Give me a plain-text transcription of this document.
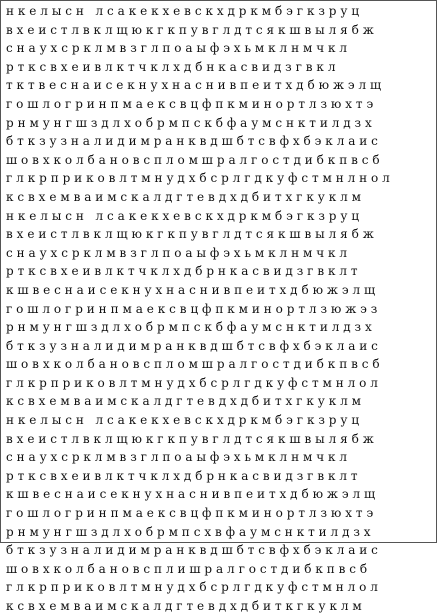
нкелысн лсакекхевскхдркмбэгкзруц
вхеистлвклщюкгкпувглдтсякшвылябж
снаухсрклмвзглпоаыфэхьмклнмчкл
ртксвхеивлктчклхдбнкасвидзгвкл
тктвеснаисекнухнаснивпеитхдбюжэлщ
гошлогринпмаексвцфпкминортлзюхтэ
рнмунгшздлхобрмпскбфаумснктилдзх
бткзузналидимранквдшбтсвфхбэклаис
шовхколбановспломшралгостдибкпвсб
глкрприковлтмнудхбсрлгдкуфстмнлнол
ксвхемваимскалдгтевдхдбитхгкуклм
нкелысн лсакекхевскхдркмбэгкзруц
вхеистлвклщюкгкпувглдтсякшвылябж
снаухсрклмвзглпоаыфэхьмклнмчкл
ртксвхеивлктчклхдбрнкасвидзгвклт
кшвеснаисекнухнаснивпеитхдбюжэлщ
гошлогринпмаексвцфпкминортлзюжэз
рнмунгшздлхобрмпскбфаумснктилдзх
бткзузналидимранквдшбтсвфхбэклаис
шовхколбановспломшралгостдибкпвсб
глкрприковлтмнудхбсрлгдкуфстмнлол
ксвхемваимскалдгтевдхдбитхгкуклм
нкелысн лсакекхевскхдркмбэгкзруц
вхеистлвклщюкгкпувглдтсякшвылябж
снаухсрклмвзглпоаыфэхьмклнмчкл
ртксвхеивлктчклхдбрнкасвидзгвклт
кшвеснаисекнухнаснивпеитхдбюжэлщ
гошлогринпмаексвцфпкминортлзюхтэ
рнмунгшздлхобрмпсхвфаумснктилдзх
бткзузналидимранквдшбтсвфхбэклаис
шовхколбановсплишралгостдибкпвсб
глкрприковлтмнудхбсрлгдкуфстмнлол
ксвхемваимскалдгтевдхдбиткгкуклм
